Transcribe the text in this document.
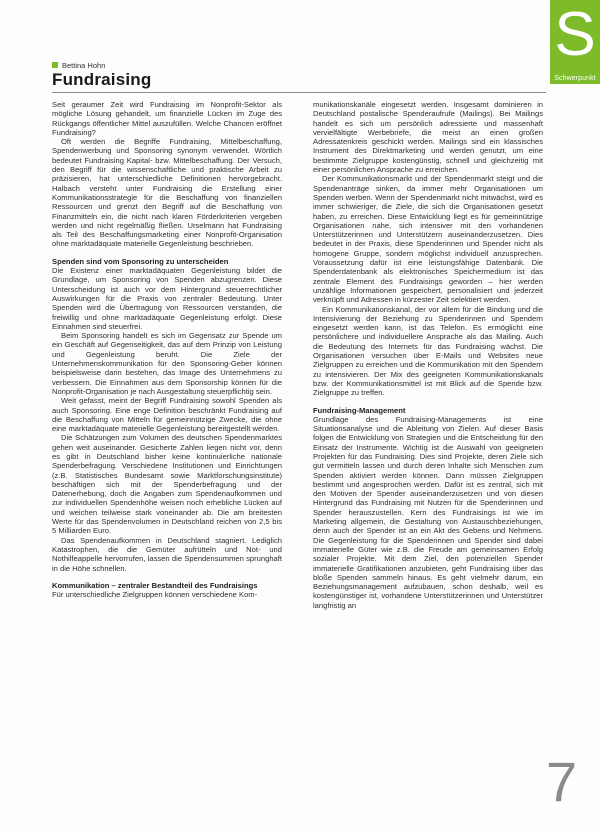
S
Schwerpunkt
Bettina Hohn
Fundraising

Seit geraumer Zeit wird Fundraising im Nonprofit-Sektor als mögliche Lösung gehandelt, um finanzielle Lücken im Zuge des Rückgangs öffentlicher Mittel auszufüllen. Welche Chancen eröffnet Fundraising?

Oft werden die Begriffe Fundraising, Mittelbeschaffung, Spendenwerbung und Sponsoring synonym verwendet. Wörtlich bedeutet Fundraising Kapital- bzw. Mittelbeschaffung. Der Versuch, den Begriff für die wissenschaftliche und praktische Arbeit zu präzisieren, hat unterschiedliche Definitionen hervorgebracht. Halbach versteht unter Fundraising die Erstellung einer Kommunikationsstrategie für die Beschaffung von finanziellen Ressourcen und grenzt den Begriff auf die Beschaffung von Finanzmitteln ein, die nicht nach klaren Förderkriterien vergeben werden und nicht regelmäßig fließen. Urselmann hat Fundraising als Teil des Beschaffungsmarketing einer Nonprofit-Organisation ohne marktadäquate materielle Gegenleistung beschrieben.

Spenden sind vom Sponsoring zu unterscheiden

Die Existenz einer marktadäquaten Gegenleistung bildet die Grundlage, um Sponsoring von Spenden abzugrenzen. Diese Unterscheidung ist auch vor dem Hintergrund steuerrechtlicher Auswirkungen für die Praxis von zentraler Bedeutung. Unter Spenden wird die Übertragung von Ressourcen verstanden, die freiwillig und ohne marktadäquate Gegenleistung erfolgt. Diese Einnahmen sind steuerfrei.

Beim Sponsoring handelt es sich im Gegensatz zur Spende um ein Geschäft auf Gegenseitigkeit, das auf dem Prinzip von Leistung und Gegenleistung beruht. Die Ziele der Unternehmenskommunikation für den Sponsoring-Geber können beispielsweise darin bestehen, das Image des Unternehmens zu verbessern. Die Einnahmen aus dem Sponsorship können für die Nonprofit-Organisation je nach Ausgestaltung steuerpflichtig sein.

Weit gefasst, meint der Begriff Fundraising sowohl Spenden als auch Sponsoring. Eine enge Definition beschränkt Fundraising auf die Beschaffung von Mitteln für gemeinnützige Zwecke, die ohne eine marktadäquate materielle Gegenleistung bereitgestellt werden.

Die Schätzungen zum Volumen des deutschen Spendenmarktes gehen weit auseinander. Gesicherte Zahlen liegen nicht vor, denn es gibt in Deutschland bisher keine kontinuierliche nationale Spenderbefragung. Verschiedene Institutionen und Einrichtungen (z.B. Statistisches Bundesamt sowie Marktforschungsinstitute) beschäftigen sich mit der Spenderbefragung und der Datenerhebung, doch die Angaben zum Spendenaufkommen und zur individuellen Spendenhöhe weisen noch erhebliche Lücken auf und weichen teilweise stark voneinander ab. Die am breitesten Werte für das Spendenvolumen in Deutschland reichen von 2,5 bis 5 Milliarden Euro.

Das Spendenaufkommen in Deutschland stagniert. Lediglich Katastrophen, die die Gemüter aufrütteln und Not- und Nothilfeappelle hervorrufen, lassen die Spendensummen sprunghaft in die Höhe schnellen.

Kommunikation – zentraler Bestandteil des Fundraisings

Für unterschiedliche Zielgruppen können verschiedene Kom-

munikationskanäle eingesetzt werden. Insgesamt dominieren in Deutschland postalische Spenderaufrufe (Mailings). Bei Mailings handelt es sich um persönlich adressierte und massenhaft vervielfältigte Werbebriefe, die meist an einen großen Adressatenkreis geschickt werden. Mailings sind ein klassisches Instrument des Direktmarketing und werden genutzt, um eine bestimmte Zielgruppe kostengünstig, schnell und gleichzeitig mit einer persönlichen Ansprache zu erreichen.

Der Kommunikationsmarkt und der Spendenmarkt steigt und die Spendenanträge sinken, da immer mehr Organisationen um Spenden werben. Wenn der Spendenmarkt nicht mitwächst, wird es immer schwieriger, die Ziele, die sich die Organisationen gesetzt haben, zu erreichen. Diese Entwicklung liegt es für gemeinnützige Organisationen nahe, sich intensiver mit den vorhandenen Unterstützerinnen und Unterstützern auseinanderzusetzen. Dies bedeutet in der Praxis, diese Spenderinnen und Spender nicht als homogene Gruppe, sondern möglichst individuell anzusprechen. Voraussetzung dafür ist eine leistungsfähige Datenbank. Die Spenderdatenbank als elektronisches Speichermedium ist das zentrale Element des Fundraisings geworden – hier werden unzählige Informationen gespeichert, personalisiert und jederzeit verknüpft und Adressen in kürzester Zeit selektiert werden.

Ein Kommunikationskanal, der vor allem für die Bindung und die Intensivierung der Beziehung zu Spenderinnen und Spendern eingesetzt werden kann, ist das Telefon. Es ermöglicht eine persönlichere und individuellere Ansprache als das Mailing. Auch die Bedeutung des Internets für das Fundraising wächst. Die Organisationen versuchen über E-Mails und Websites neue Zielgruppen zu erreichen und die Kommunikation mit den Spendern zu intensivieren. Der Mix des geeigneten Kommunikationskanals bzw. der Kommunikationsmittel ist mit Blick auf die Spende bzw. Zielgruppe zu treffen.

Fundraising-Management

Grundlage des Fundraising-Managements ist eine Situationsanalyse und die Ableitung von Zielen. Auf dieser Basis folgen die Entwicklung von Strategien und die Entscheidung für den Einsatz der Instrumente. Wichtig ist die Auswahl von geeigneten Projekten für das Fundraising. Dies sind Projekte, deren Ziele sich gut vermitteln lassen und durch deren Inhalte sich Menschen zum Spenden aktiviert werden können. Dann müssen Zielgruppen bestimmt und angesprochen werden. Dafür ist es zentral, sich mit den Motiven der Spender auseinanderzusetzen und von diesen Hintergrund das Fundraising mit Nutzen für die Spenderinnen und Spender herauszustellen. Kern des Fundraisings ist wie im Marketing allgemein, die Gestaltung von Austauschbeziehungen, denn auch der Spender ist an ein Akt des Gebens und Nehmens. Die Gegenleistung für die Spenderinnen und Spender sind dabei immaterielle Güter wie z.B. die Freude am gemeinsamen Erfolg sozialer Projekte. Mit dem Ziel, den potenziellen Spender immaterielle Gratifikationen anzubieten, geht Fundraising über das bloße Spenden sammeln hinaus. Es geht vielmehr darum, ein Beziehungsmanagement aufzubauen, schon deshalb, weil es kostengünstiger ist, vorhandene Unterstützerinnen und Unterstützer langfristig an

7
